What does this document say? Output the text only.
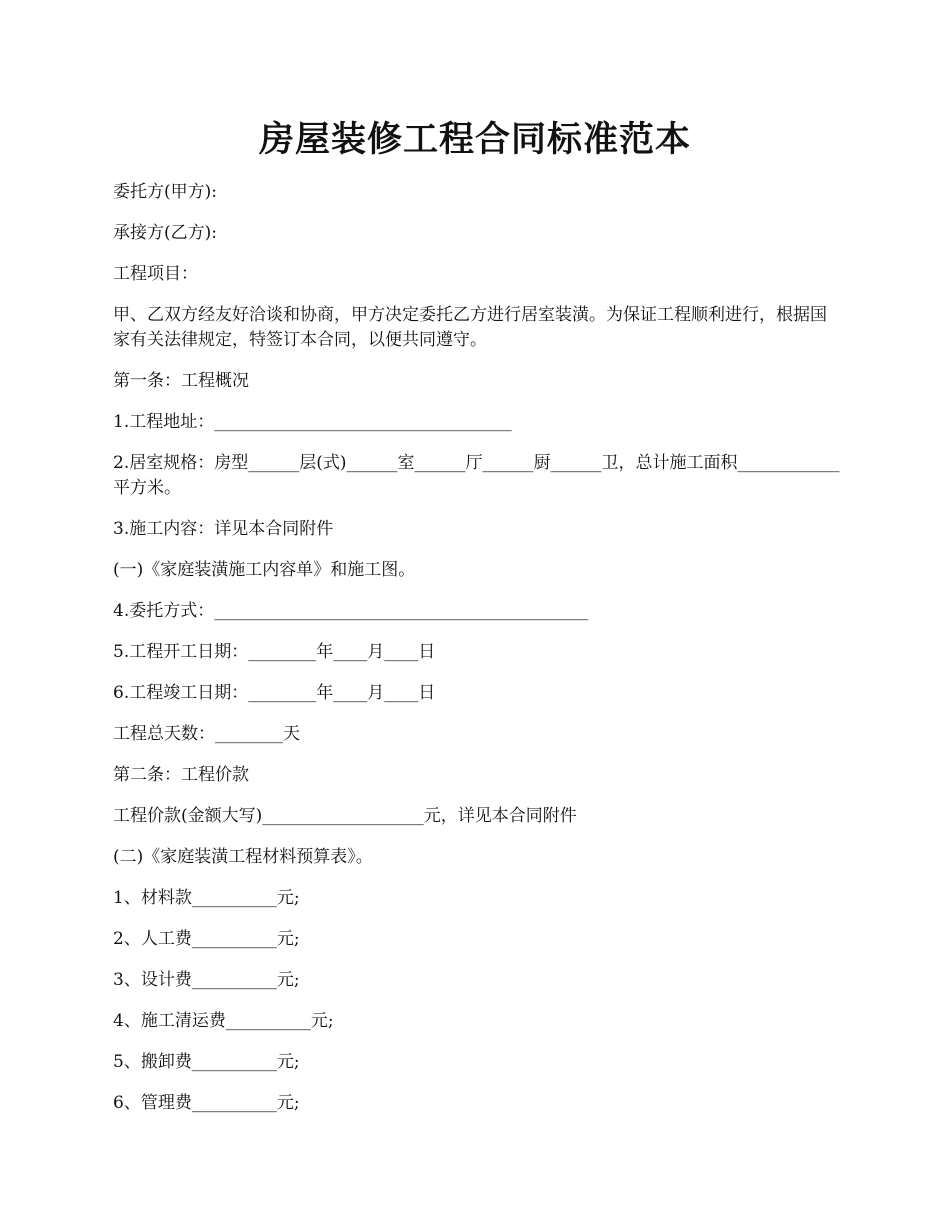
房屋装修工程合同标准范本

委托方(甲方):

承接方(乙方):

工程项目：

甲、乙双方经友好洽谈和协商，甲方决定委托乙方进行居室装潢。为保证工程顺利进行，根据国家有关法律规定，特签订本合同，以便共同遵守。

第一条：工程概况

1.工程地址：___________________________________

2.居室规格：房型______层(式)______室______厅______厨______卫，总计施工面积____________平方米。

3.施工内容：详见本合同附件

(一)《家庭装潢施工内容单》和施工图。

4.委托方式：____________________________________________

5.工程开工日期：________年____月____日

6.工程竣工日期：________年____月____日

工程总天数：________天

第二条：工程价款

工程价款(金额大写)___________________元，详见本合同附件

(二)《家庭装潢工程材料预算表》。

1、材料款__________元;

2、人工费__________元;

3、设计费__________元;

4、施工清运费__________元;

5、搬卸费__________元;

6、管理费__________元;
